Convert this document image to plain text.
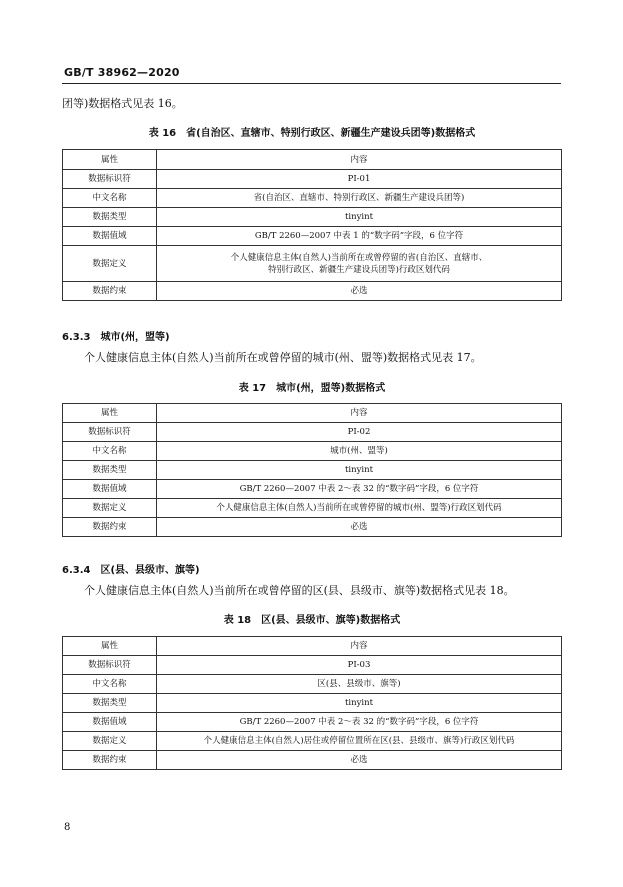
GB/T 38962—2020
团等)数据格式见表 16。
表 16　省(自治区、直辖市、特别行政区、新疆生产建设兵团等)数据格式
属性	内容
数据标识符	PI-01
中文名称	省(自治区、直辖市、特别行政区、新疆生产建设兵团等)
数据类型	tinyint
数据值域	GB/T 2260—2007 中表 1 的“数字码”字段，6 位字符
数据定义	个人健康信息主体(自然人)当前所在或曾停留的省(自治区、直辖市、
特别行政区、新疆生产建设兵团等)行政区划代码

数据约束	必选
6.3.3　城市(州，盟等)
个人健康信息主体(自然人)当前所在或曾停留的城市(州、盟等)数据格式见表 17。
表 17　城市(州，盟等)数据格式
属性	内容
数据标识符	PI-02
中文名称	城市(州、盟等)
数据类型	tinyint
数据值域	GB/T 2260—2007 中表 2～表 32 的“数字码”字段，6 位字符
数据定义	个人健康信息主体(自然人)当前所在或曾停留的城市(州、盟等)行政区划代码
数据约束	必选
6.3.4　区(县、县级市、旗等)
个人健康信息主体(自然人)当前所在或曾停留的区(县、县级市、旗等)数据格式见表 18。
表 18　区(县、县级市、旗等)数据格式
属性	内容
数据标识符	PI-03
中文名称	区(县、县级市、旗等)
数据类型	tinyint
数据值域	GB/T 2260—2007 中表 2～表 32 的“数字码”字段，6 位字符
数据定义	个人健康信息主体(自然人)居住或停留位置所在区(县、县级市、旗等)行政区划代码
数据约束	必选
8
